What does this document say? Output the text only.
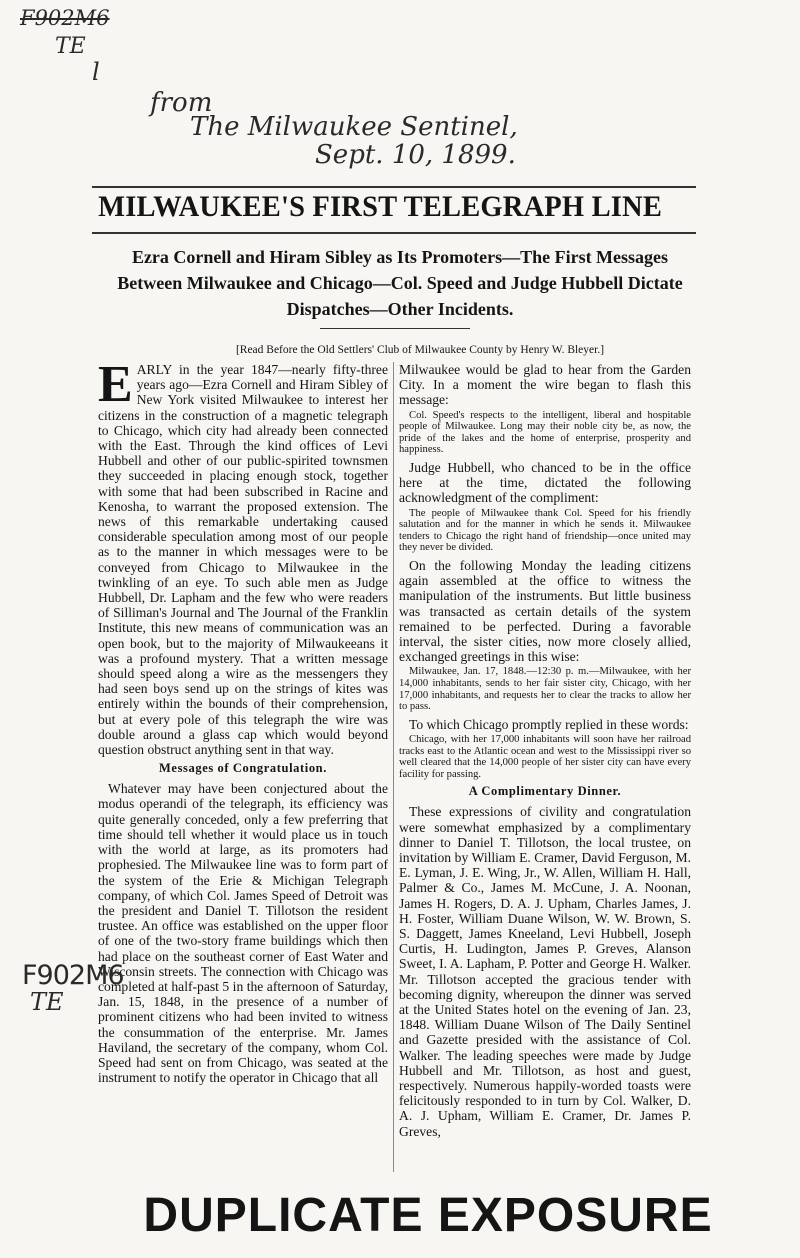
F902M6
TE
l
from
The Milwaukee Sentinel,
Sept. 10, 1899.
MILWAUKEE'S FIRST TELEGRAPH LINE
Ezra Cornell and Hiram Sibley as Its Promoters—The First Messages Between Milwaukee and Chicago—Col. Speed and Judge Hubbell Dictate Dispatches—Other Incidents.
[Read Before the Old Settlers' Club of Milwaukee County by Henry W. Bleyer.]

EARLY in the year 1847—nearly fifty-three years ago—Ezra Cornell and Hiram Sibley of New York visited Milwaukee to interest her citizens in the construction of a magnetic telegraph to Chicago, which city had already been connected with the East. Through the kind offices of Levi Hubbell and other of our public-spirited townsmen they succeeded in placing enough stock, together with some that had been subscribed in Racine and Kenosha, to warrant the proposed extension. The news of this remarkable undertaking caused considerable speculation among most of our people as to the manner in which messages were to be conveyed from Chicago to Milwaukee in the twinkling of an eye. To such able men as Judge Hubbell, Dr. Lapham and the few who were readers of Silliman's Journal and The Journal of the Franklin Institute, this new means of communication was an open book, but to the majority of Milwaukeeans it was a profound mystery. That a written message should speed along a wire as the messengers they had seen boys send up on the strings of kites was entirely within the bounds of their comprehension, but at every pole of this telegraph the wire was double around a glass cap which would beyond question obstruct anything sent in that way.

Messages of Congratulation.

Whatever may have been conjectured about the modus operandi of the telegraph, its efficiency was quite generally conceded, only a few preferring that time should tell whether it would place us in touch with the world at large, as its promoters had prophesied. The Milwaukee line was to form part of the system of the Erie & Michigan Telegraph company, of which Col. James Speed of Detroit was the president and Daniel T. Tillotson the resident trustee. An office was established on the upper floor of one of the two-story frame buildings which then had place on the southeast corner of East Water and Wisconsin streets. The connection with Chicago was completed at half-past 5 in the afternoon of Saturday, Jan. 15, 1848, in the presence of a number of prominent citizens who had been invited to witness the consummation of the enterprise. Mr. James Haviland, the secretary of the company, whom Col. Speed had sent on from Chicago, was seated at the instrument to notify the operator in Chicago that all

Milwaukee would be glad to hear from the Garden City. In a moment the wire began to flash this message:

Col. Speed's respects to the intelligent, liberal and hospitable people of Milwaukee. Long may their noble city be, as now, the pride of the lakes and the home of enterprise, prosperity and happiness.

Judge Hubbell, who chanced to be in the office here at the time, dictated the following acknowledgment of the compliment:

The people of Milwaukee thank Col. Speed for his friendly salutation and for the manner in which he sends it. Milwaukee tenders to Chicago the right hand of friendship—once united may they never be divided.

On the following Monday the leading citizens again assembled at the office to witness the manipulation of the instruments. But little business was transacted as certain details of the system remained to be perfected. During a favorable interval, the sister cities, now more closely allied, exchanged greetings in this wise:

Milwaukee, Jan. 17, 1848.—12:30 p. m.—Milwaukee, with her 14,000 inhabitants, sends to her fair sister city, Chicago, with her 17,000 inhabitants, and requests her to clear the tracks to allow her to pass.

To which Chicago promptly replied in these words:

Chicago, with her 17,000 inhabitants will soon have her railroad tracks east to the Atlantic ocean and west to the Mississippi river so well cleared that the 14,000 people of her sister city can have every facility for passing.

A Complimentary Dinner.

These expressions of civility and congratulation were somewhat emphasized by a complimentary dinner to Daniel T. Tillotson, the local trustee, on invitation by William E. Cramer, David Ferguson, M. E. Lyman, J. E. Wing, Jr., W. Allen, William H. Hall, Palmer & Co., James M. McCune, J. A. Noonan, James H. Rogers, D. A. J. Upham, Charles James, J. H. Foster, William Duane Wilson, W. W. Brown, S. S. Daggett, James Kneeland, Levi Hubbell, Joseph Curtis, H. Ludington, James P. Greves, Alanson Sweet, I. A. Lapham, P. Potter and George H. Walker. Mr. Tillotson accepted the gracious tender with becoming dignity, whereupon the dinner was served at the United States hotel on the evening of Jan. 23, 1848. William Duane Wilson of The Daily Sentinel and Gazette presided with the assistance of Col. Walker. The leading speeches were made by Judge Hubbell and Mr. Tillotson, as host and guest, respectively. Numerous happily-worded toasts were felicitously responded to in turn by Col. Walker, D. A. J. Upham, William E. Cramer, Dr. James P. Greves,

F902M6
TE
DUPLICATE EXPOSURE
